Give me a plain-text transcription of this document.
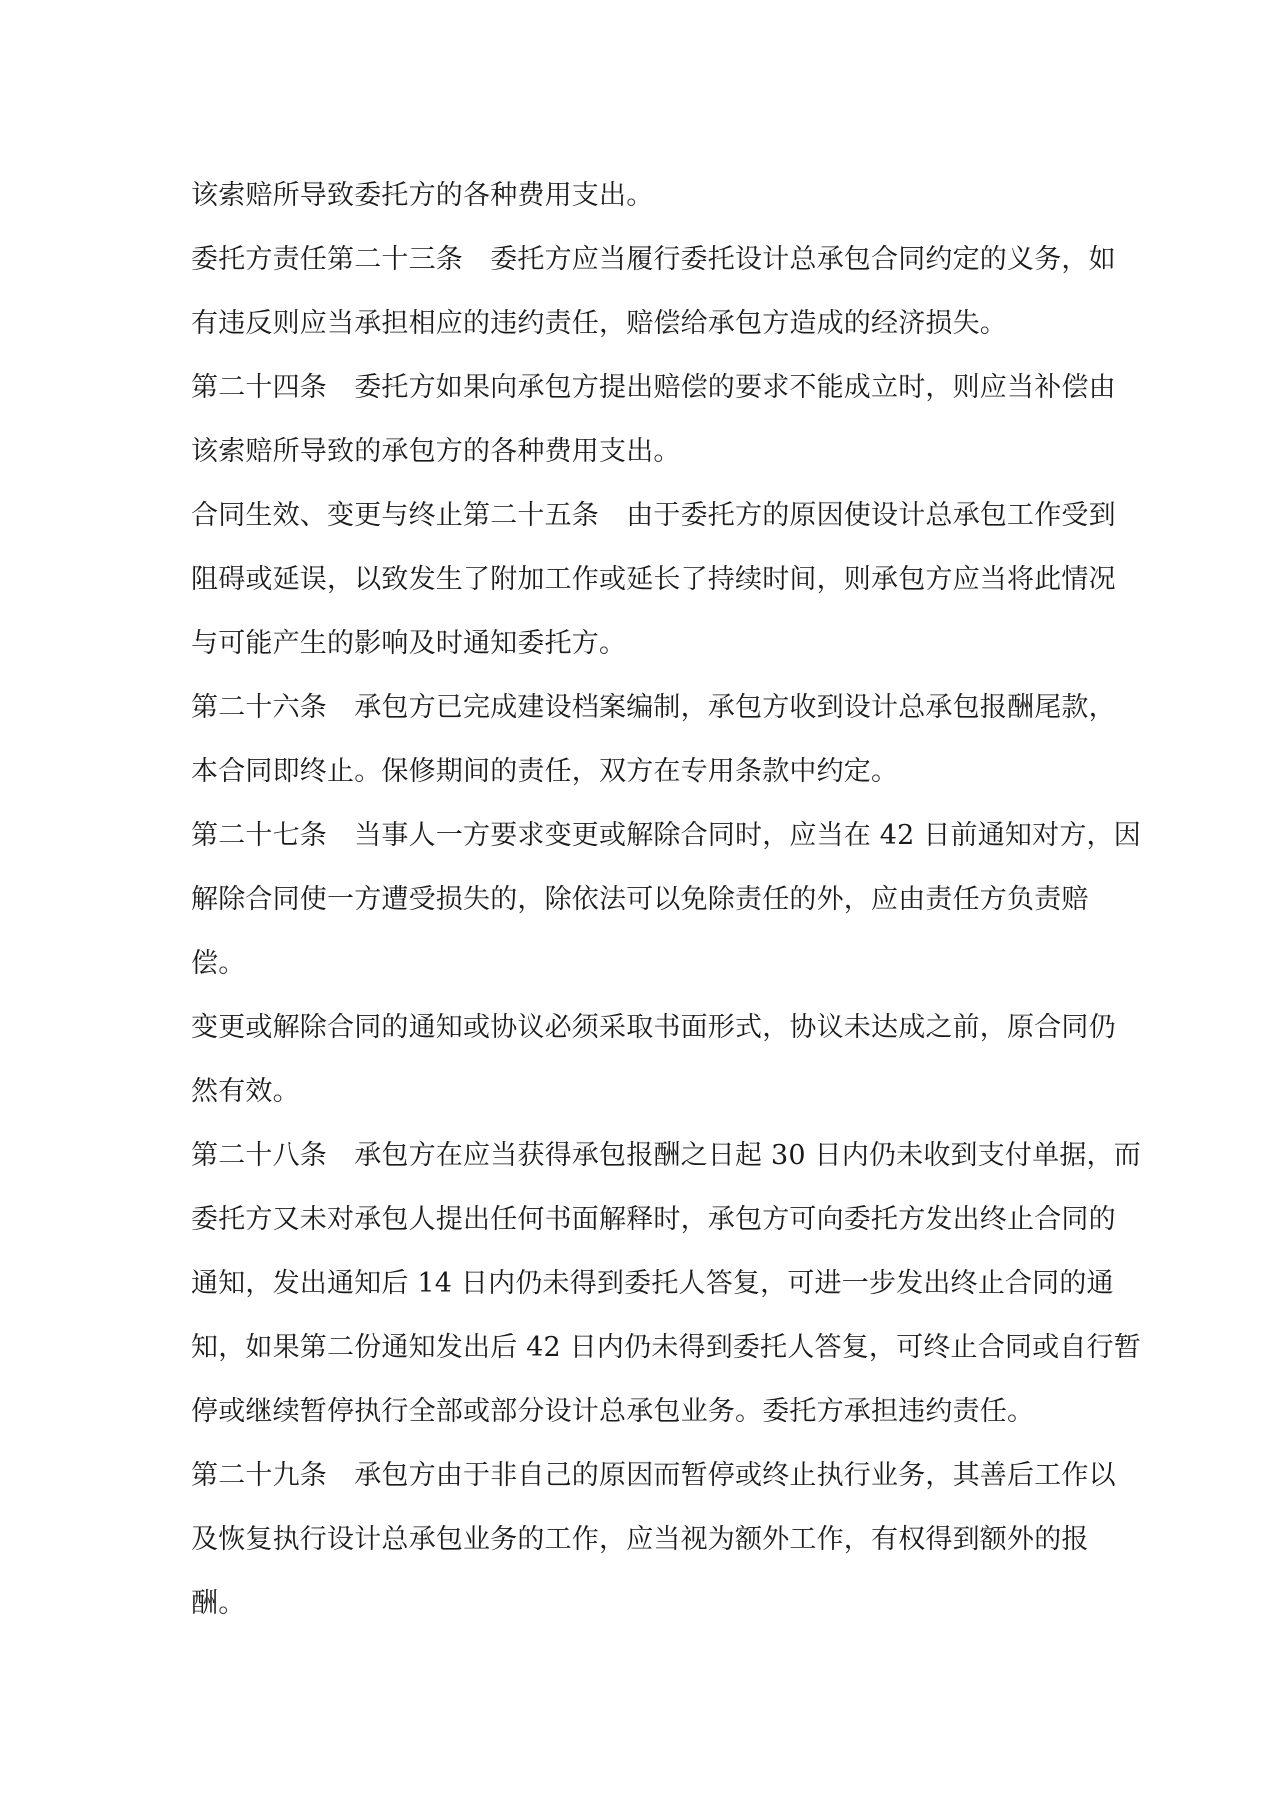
该索赔所导致委托方的各种费用支出。
委托方责任第二十三条　委托方应当履行委托设计总承包合同约定的义务，如
有违反则应当承担相应的违约责任，赔偿给承包方造成的经济损失。
第二十四条　委托方如果向承包方提出赔偿的要求不能成立时，则应当补偿由
该索赔所导致的承包方的各种费用支出。
合同生效、变更与终止第二十五条　由于委托方的原因使设计总承包工作受到
阻碍或延误，以致发生了附加工作或延长了持续时间，则承包方应当将此情况
与可能产生的影响及时通知委托方。
第二十六条　承包方已完成建设档案编制，承包方收到设计总承包报酬尾款，
本合同即终止。保修期间的责任，双方在专用条款中约定。
第二十七条　当事人一方要求变更或解除合同时，应当在 42 日前通知对方，因
解除合同使一方遭受损失的，除依法可以免除责任的外，应由责任方负责赔
偿。
变更或解除合同的通知或协议必须采取书面形式，协议未达成之前，原合同仍
然有效。
第二十八条　承包方在应当获得承包报酬之日起 30 日内仍未收到支付单据，而
委托方又未对承包人提出任何书面解释时，承包方可向委托方发出终止合同的
通知，发出通知后 14 日内仍未得到委托人答复，可进一步发出终止合同的通
知，如果第二份通知发出后 42 日内仍未得到委托人答复，可终止合同或自行暂
停或继续暂停执行全部或部分设计总承包业务。委托方承担违约责任。
第二十九条　承包方由于非自己的原因而暂停或终止执行业务，其善后工作以
及恢复执行设计总承包业务的工作，应当视为额外工作，有权得到额外的报
酬。
